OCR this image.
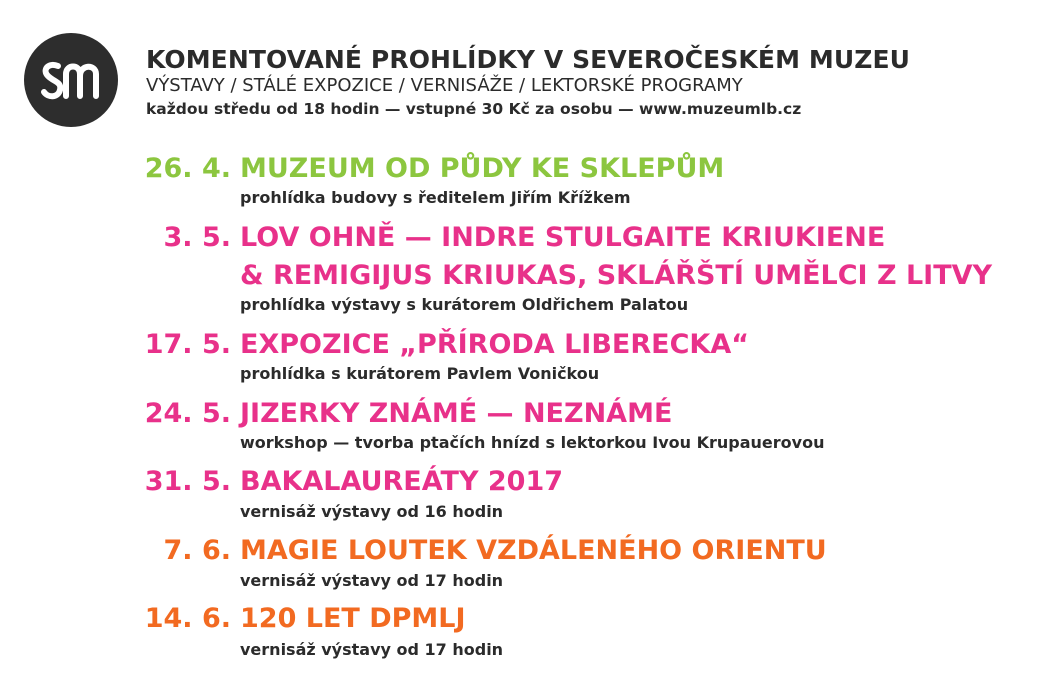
KOMENTOVANÉ PROHLÍDKY V SEVEROČESKÉM MUZEU
VÝSTAVY / STÁLÉ EXPOZICE / VERNISÁŽE / LEKTORSKÉ PROGRAMY
každou středu od 18 hodin — vstupné 30 Kč za osobu — www.muzeumlb.cz
26. 4. MUZEUM OD PŮDY KE SKLEPŮM
prohlídka budovy s ředitelem Jiřím Křížkem
3. 5. LOV OHNĚ — INDRE STULGAITE KRIUKIENE
& REMIGIJUS KRIUKAS, SKLÁŘŠTÍ UMĚLCI Z LITVY
prohlídka výstavy s kurátorem Oldřichem Palatou
17. 5. EXPOZICE „PŘÍRODA LIBERECKA“
prohlídka s kurátorem Pavlem Voničkou
24. 5. JIZERKY ZNÁMÉ — NEZNÁMÉ
workshop — tvorba ptačích hnízd s lektorkou Ivou Krupauerovou
31. 5. BAKALAUREÁTY 2017
vernisáž výstavy od 16 hodin
7. 6. MAGIE LOUTEK VZDÁLENÉHO ORIENTU
vernisáž výstavy od 17 hodin
14. 6. 120 LET DPMLJ
vernisáž výstavy od 17 hodin
